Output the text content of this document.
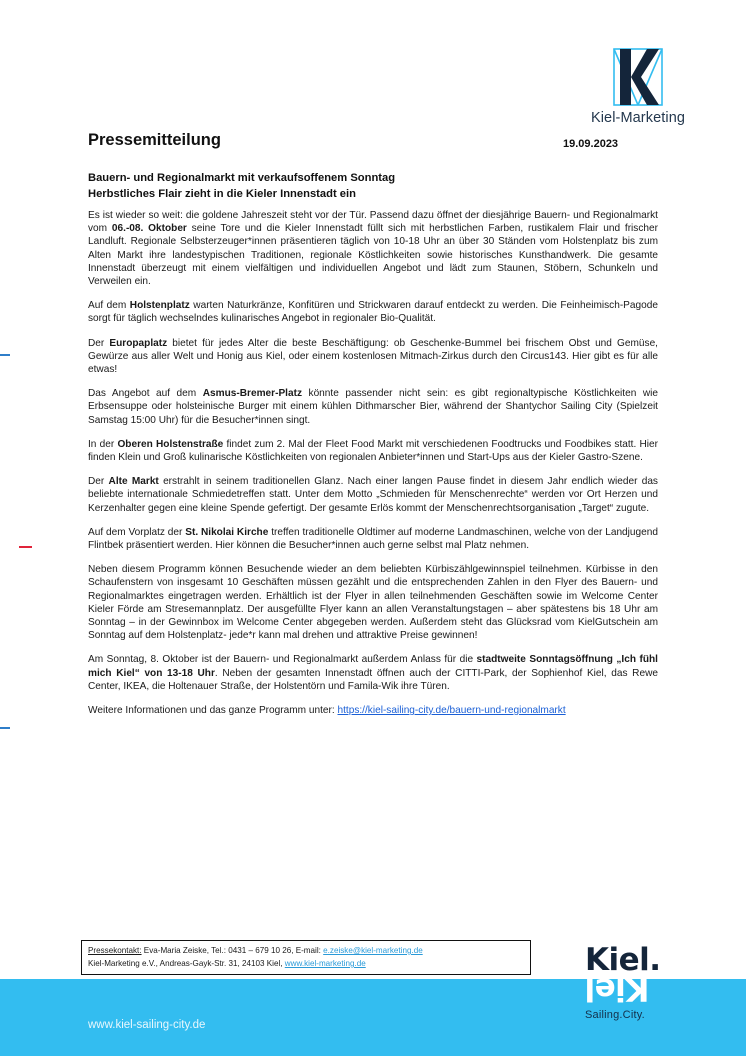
Kiel-Marketing
19.09.2023
Pressemitteilung
Bauern- und Regionalmarkt mit verkaufsoffenem Sonntag
Herbstliches Flair zieht in die Kieler Innenstadt ein

Es ist wieder so weit: die goldene Jahreszeit steht vor der Tür. Passend dazu öffnet der diesjährige Bauern- und Regionalmarkt vom 06.-08. Oktober seine Tore und die Kieler Innenstadt füllt sich mit herbstlichen Farben, rustikalem Flair und frischer Landluft. Regionale Selbsterzeuger*innen präsentieren täglich von 10-18 Uhr an über 30 Ständen vom Holstenplatz bis zum Alten Markt ihre landestypischen Traditionen, regionale Köstlichkeiten sowie historisches Kunsthandwerk. Die gesamte Innenstadt überzeugt mit einem vielfältigen und individuellen Angebot und lädt zum Staunen, Stöbern, Schunkeln und Verweilen ein.

Auf dem Holstenplatz warten Naturkränze, Konfitüren und Strickwaren darauf entdeckt zu werden. Die Feinheimisch-Pagode sorgt für täglich wechselndes kulinarisches Angebot in regionaler Bio-Qualität.

Der Europaplatz bietet für jedes Alter die beste Beschäftigung: ob Geschenke-Bummel bei frischem Obst und Gemüse, Gewürze aus aller Welt und Honig aus Kiel, oder einem kostenlosen Mitmach-Zirkus durch den Circus143. Hier gibt es für alle etwas!

Das Angebot auf dem Asmus-Bremer-Platz könnte passender nicht sein: es gibt regionaltypische Köstlichkeiten wie Erbsensuppe oder holsteinische Burger mit einem kühlen Dithmarscher Bier, während der Shantychor Sailing City (Spielzeit Samstag 15:00 Uhr) für die Besucher*innen singt.

In der Oberen Holstenstraße findet zum 2. Mal der Fleet Food Markt mit verschiedenen Foodtrucks und Foodbikes statt. Hier finden Klein und Groß kulinarische Köstlichkeiten von regionalen Anbieter*innen und Start-Ups aus der Kieler Gastro-Szene.

Der Alte Markt erstrahlt in seinem traditionellen Glanz. Nach einer langen Pause findet in diesem Jahr endlich wieder das beliebte internationale Schmiedetreffen statt. Unter dem Motto „Schmieden für Menschenrechte“ werden vor Ort Herzen und Kerzenhalter gegen eine kleine Spende gefertigt. Der gesamte Erlös kommt der Menschenrechtsorganisation „Target“ zugute.

Auf dem Vorplatz der St. Nikolai Kirche treffen traditionelle Oldtimer auf moderne Landmaschinen, welche von der Landjugend Flintbek präsentiert werden. Hier können die Besucher*innen auch gerne selbst mal Platz nehmen.

Neben diesem Programm können Besuchende wieder an dem beliebten Kürbiszählgewinnspiel teilnehmen. Kürbisse in den Schaufenstern von insgesamt 10 Geschäften müssen gezählt und die entsprechenden Zahlen in den Flyer des Bauern- und Regionalmarktes eingetragen werden. Erhältlich ist der Flyer in allen teilnehmenden Geschäften sowie im Welcome Center Kieler Förde am Stresemannplatz. Der ausgefüllte Flyer kann an allen Veranstaltungstagen – aber spätestens bis 18 Uhr am Sonntag – in der Gewinnbox im Welcome Center abgegeben werden. Außerdem steht das Glücksrad vom KielGutschein am Sonntag auf dem Holstenplatz- jede*r kann mal drehen und attraktive Preise gewinnen!

Am Sonntag, 8. Oktober ist der Bauern- und Regionalmarkt außerdem Anlass für die stadtweite Sonntagsöffnung „Ich fühl mich Kiel“ von 13-18 Uhr. Neben der gesamten Innenstadt öffnen auch der CITTI-Park, der Sophienhof Kiel, das Rewe Center, IKEA, die Holtenauer Straße, der Holstentörn und Famila-Wik ihre Türen.

Weitere Informationen und das ganze Programm unter: https://kiel-sailing-city.de/bauern-und-regionalmarkt

Pressekontakt: Eva-Maria Zeiske, Tel.: 0431 – 679 10 26, E-mail: e.zeiske@kiel-marketing.de
Kiel-Marketing e.V., Andreas-Gayk-Str. 31, 24103 Kiel, www.kiel-marketing.de
www.kiel-sailing-city.de
Kiel.
Kiel
Sailing.City.
